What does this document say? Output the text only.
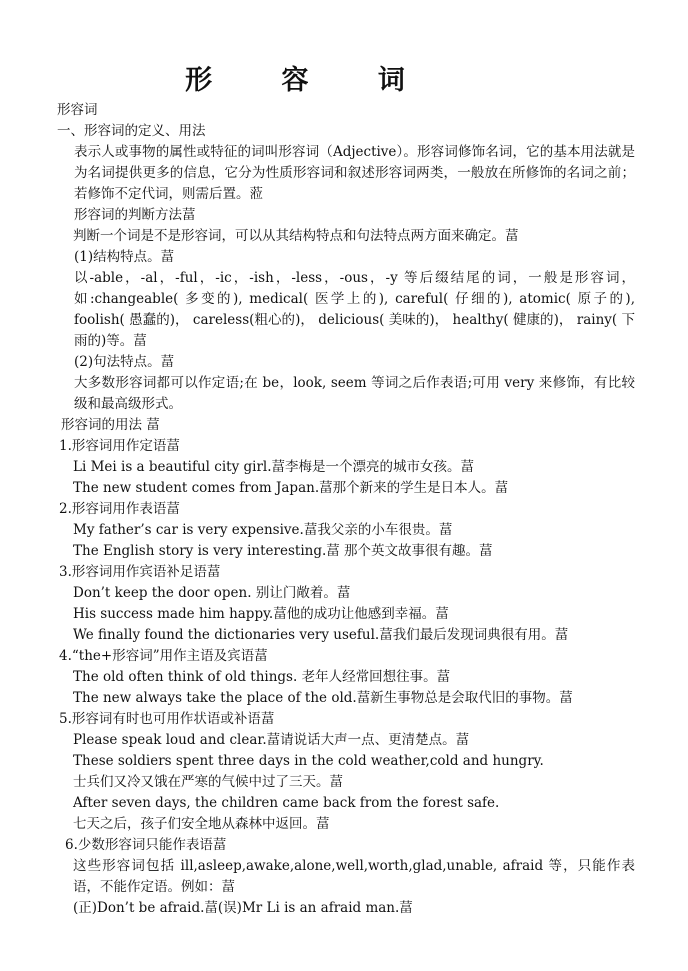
形 容 词
形容词
一、形容词的定义、用法
表示人或事物的属性或特征的词叫形容词（Adjective）。形容词修饰名词，它的基本用法就是为名词提供更多的信息，它分为性质形容词和叙述形容词两类，一般放在所修饰的名词之前；若修饰不定代词，则需后置。蒞
形容词的判断方法葍
判断一个词是不是形容词，可以从其结构特点和句法特点两方面来确定。葍
(1)结构特点。葍
以-able，-al，-ful，-ic，-ish，-less，-ous，-y 等后缀结尾的词，一般是形容词，如:changeable( 多变的), medical( 医学上的), careful( 仔细的), atomic( 原子的), foolish( 愚蠢的)， careless(粗心的)， delicious( 美味的)， healthy( 健康的)， rainy( 下雨的)等。葍
(2)句法特点。葍
大多数形容词都可以作定语;在 be，look, seem 等词之后作表语;可用 very 来修饰，有比较级和最高级形式。
形容词的用法 葍
1.形容词用作定语葍
Li Mei is a beautiful city girl.葍李梅是一个漂亮的城市女孩。葍
The new student comes from Japan.葍那个新来的学生是日本人。葍
2.形容词用作表语葍
My father’s car is very expensive.葍我父亲的小车很贵。葍
The English story is very interesting.葍 那个英文故事很有趣。葍
3.形容词用作宾语补足语葍
Don’t keep the door open. 别让门敞着。葍
His success made him happy.葍他的成功让他感到幸福。葍
We finally found the dictionaries very useful.葍我们最后发现词典很有用。葍
4.“the+形容词”用作主语及宾语葍
The old often think of old things. 老年人经常回想往事。葍
The new always take the place of the old.葍新生事物总是会取代旧的事物。葍
5.形容词有时也可用作状语或补语葍
Please speak loud and clear.葍请说话大声一点、更清楚点。葍
These soldiers spent three days in the cold weather,cold and hungry.
士兵们又冷又饿在严寒的气候中过了三天。葍
After seven days, the children came back from the forest safe.
七天之后，孩子们安全地从森林中返回。葍
6.少数形容词只能作表语葍
这些形容词包括 ill,asleep,awake,alone,well,worth,glad,unable, afraid 等，只能作表语，不能作定语。例如：葍
(正)Don’t be afraid.葍(误)Mr Li is an afraid man.葍
